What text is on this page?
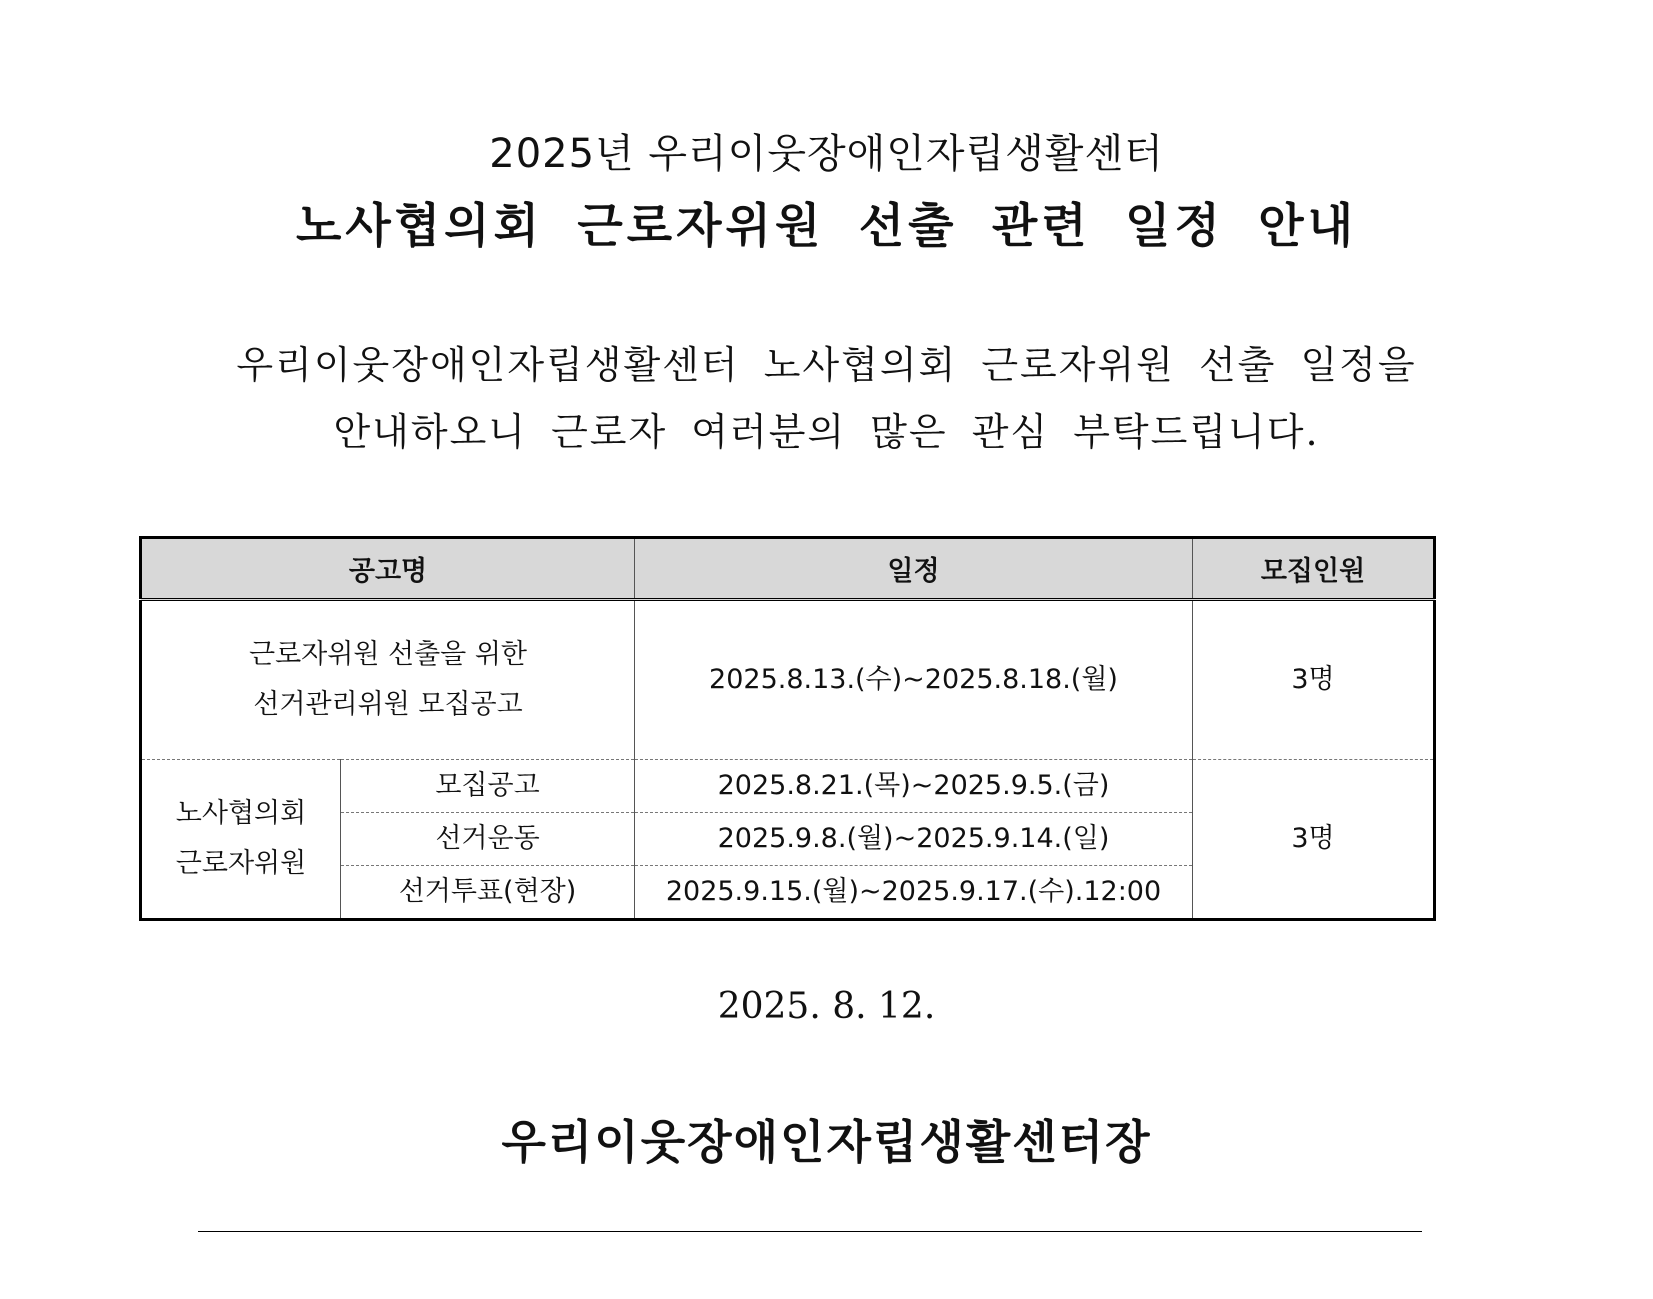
2025년 우리이웃장애인자립생활센터
노사협의회 근로자위원 선출 관련 일정 안내
우리이웃장애인자립생활센터 노사협의회 근로자위원 선출 일정을
안내하오니 근로자 여러분의 많은 관심 부탁드립니다.
공고명		일정	모집인원

근로자위원 선출을 위한
선거관리위원 모집공고		2025.8.13.(수)~2025.8.18.(월)	3명

노사협의회
근로자위원	모집공고	2025.8.21.(목)~2025.9.5.(금)	3명
	선거운동	2025.9.8.(월)~2025.9.14.(일)	
	선거투표(현장)	2025.9.15.(월)~2025.9.17.(수).12:00	
2025. 8. 12.
우리이웃장애인자립생활센터장
